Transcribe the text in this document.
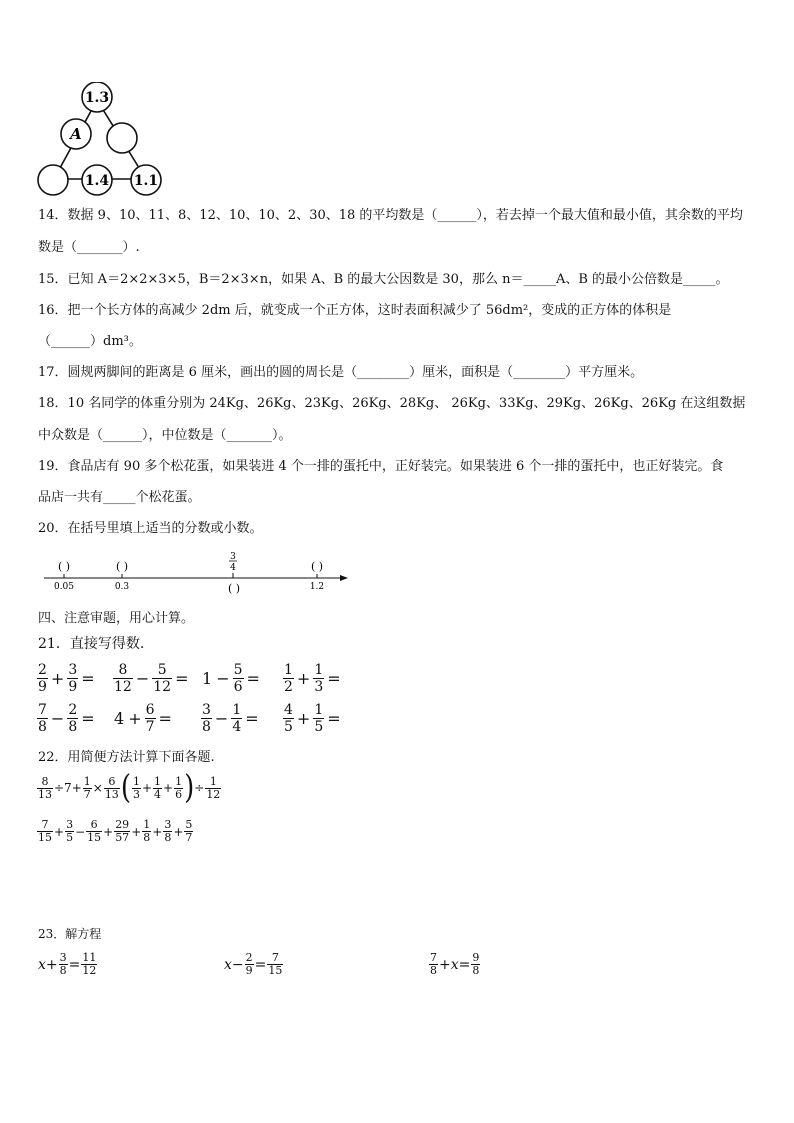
1.3
A
1.4 1.1
14．数据 9、10、11、8、12、10、10、2、30、18 的平均数是（______），若去掉一个最大值和最小值，其余数的平均
数是（_______）.
15．已知 A＝2×2×3×5，B＝2×3×n，如果 A、B 的最大公因数是 30，那么 n＝_____A、B 的最小公倍数是_____。
16．把一个长方体的高减少 2dm 后，就变成一个正方体，这时表面积减少了 56dm²，变成的正方体的体积是
（______）dm³。
17．圆规两脚间的距离是 6 厘米，画出的圆的周长是（________）厘米，面积是（________）平方厘米。
18．10 名同学的体重分别为 24Kg、26Kg、23Kg、26Kg、28Kg、 26Kg、33Kg、29Kg、26Kg、26Kg 在这组数据
中众数是（______），中位数是（_______）。
19．食品店有 90 多个松花蛋，如果装进 4 个一排的蛋托中，正好装完。如果装进 6 个一排的蛋托中，也正好装完。食
品店一共有_____个松花蛋。
20．在括号里填上适当的分数或小数。
( )	( )	( )
0.05	0.3	1.2
3
4
( )
四、注意审题，用心计算。
21．直接写得数.
$\frac{2}{9} + \frac{3}{9} = \frac{8}{12} - \frac{5}{12} = 1 - \frac{5}{6} = \frac{1}{2} + \frac{1}{3}$ =
$\frac{7}{8} - \frac{2}{8} = 4 + \frac{6}{7} = \frac{3}{8} - \frac{1}{4} = \frac{4}{5} + \frac{1}{5}$ =
22．用简便方法计算下面各题.
$\frac{8}{13} \div 7+ \frac{1}{7} \times \frac{6}{13}$ ( $\frac{1}{3} + \frac{1}{4} + \frac{1}{6}$ ) ÷ $\frac{1}{12}$
$\frac{7}{15} + \frac{3}{5} - \frac{6}{15} + \frac{29}{57} + \frac{1}{8} + \frac{3}{8} + \frac{5}{7}$
23．解方程
$x + \frac{3}{8} = \frac{11}{12}$	$x - \frac{2}{9} = \frac{7}{15}$	$\frac{7}{8} + x = \frac{9}{8}$
